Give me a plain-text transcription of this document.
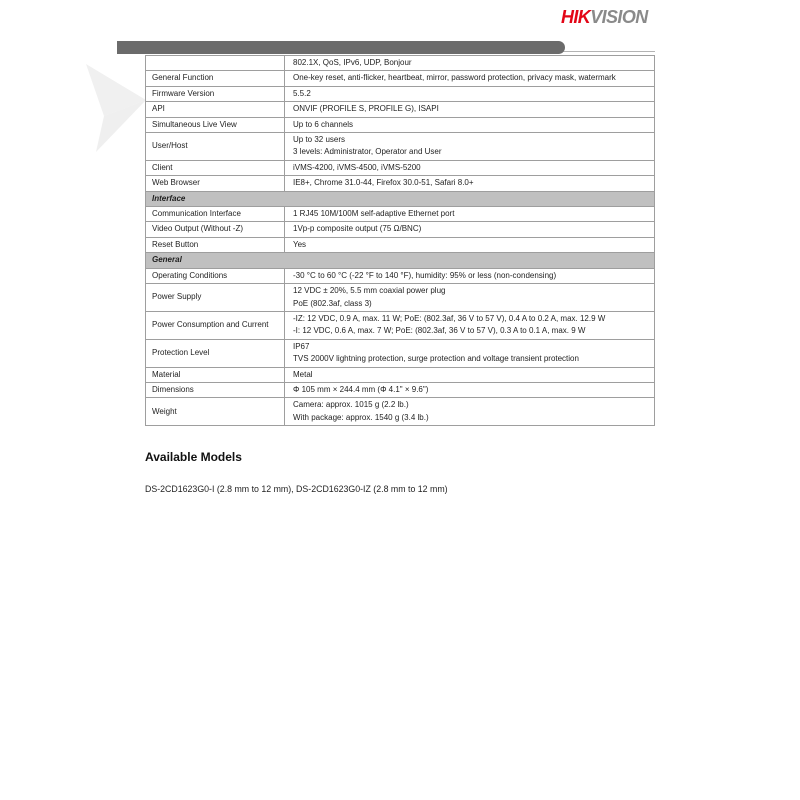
HIKVISION

	802.1X, QoS, IPv6, UDP, Bonjour

General Function	One-key reset, anti-flicker, heartbeat, mirror, password protection, privacy mask, watermark

Firmware Version	5.5.2

API	ONVIF (PROFILE S, PROFILE G), ISAPI

Simultaneous Live View	Up to 6 channels

User/Host	Up to 32 users
3 levels: Administrator, Operator and User

Client	iVMS-4200, iVMS-4500, iVMS-5200

Web Browser	IE8+, Chrome 31.0-44, Firefox 30.0-51, Safari 8.0+

Interface	
Communication Interface	1 RJ45 10M/100M self-adaptive Ethernet port

Video Output (Without -Z)	1Vp-p composite output (75 Ω/BNC)

Reset Button	Yes

General	
Operating Conditions	-30 °C to 60 °C (-22 °F to 140 °F), humidity: 95% or less (non-condensing)

Power Supply	12 VDC ± 20%, 5.5 mm coaxial power plug
PoE (802.3af, class 3)

Power Consumption and Current	-IZ: 12 VDC, 0.9 A, max. 11 W; PoE: (802.3af, 36 V to 57 V), 0.4 A to 0.2 A, max. 12.9 W
-I: 12 VDC, 0.6 A, max. 7 W; PoE: (802.3af, 36 V to 57 V), 0.3 A to 0.1 A, max. 9 W

Protection Level	IP67
TVS 2000V lightning protection, surge protection and voltage transient protection

Material	Metal

Dimensions	Φ 105 mm × 244.4 mm (Φ 4.1" × 9.6")

Weight	Camera: approx. 1015 g (2.2 lb.)
With package: approx. 1540 g (3.4 lb.)
Available Models
DS-2CD1623G0-I (2.8 mm to 12 mm), DS-2CD1623G0-IZ (2.8 mm to 12 mm)
